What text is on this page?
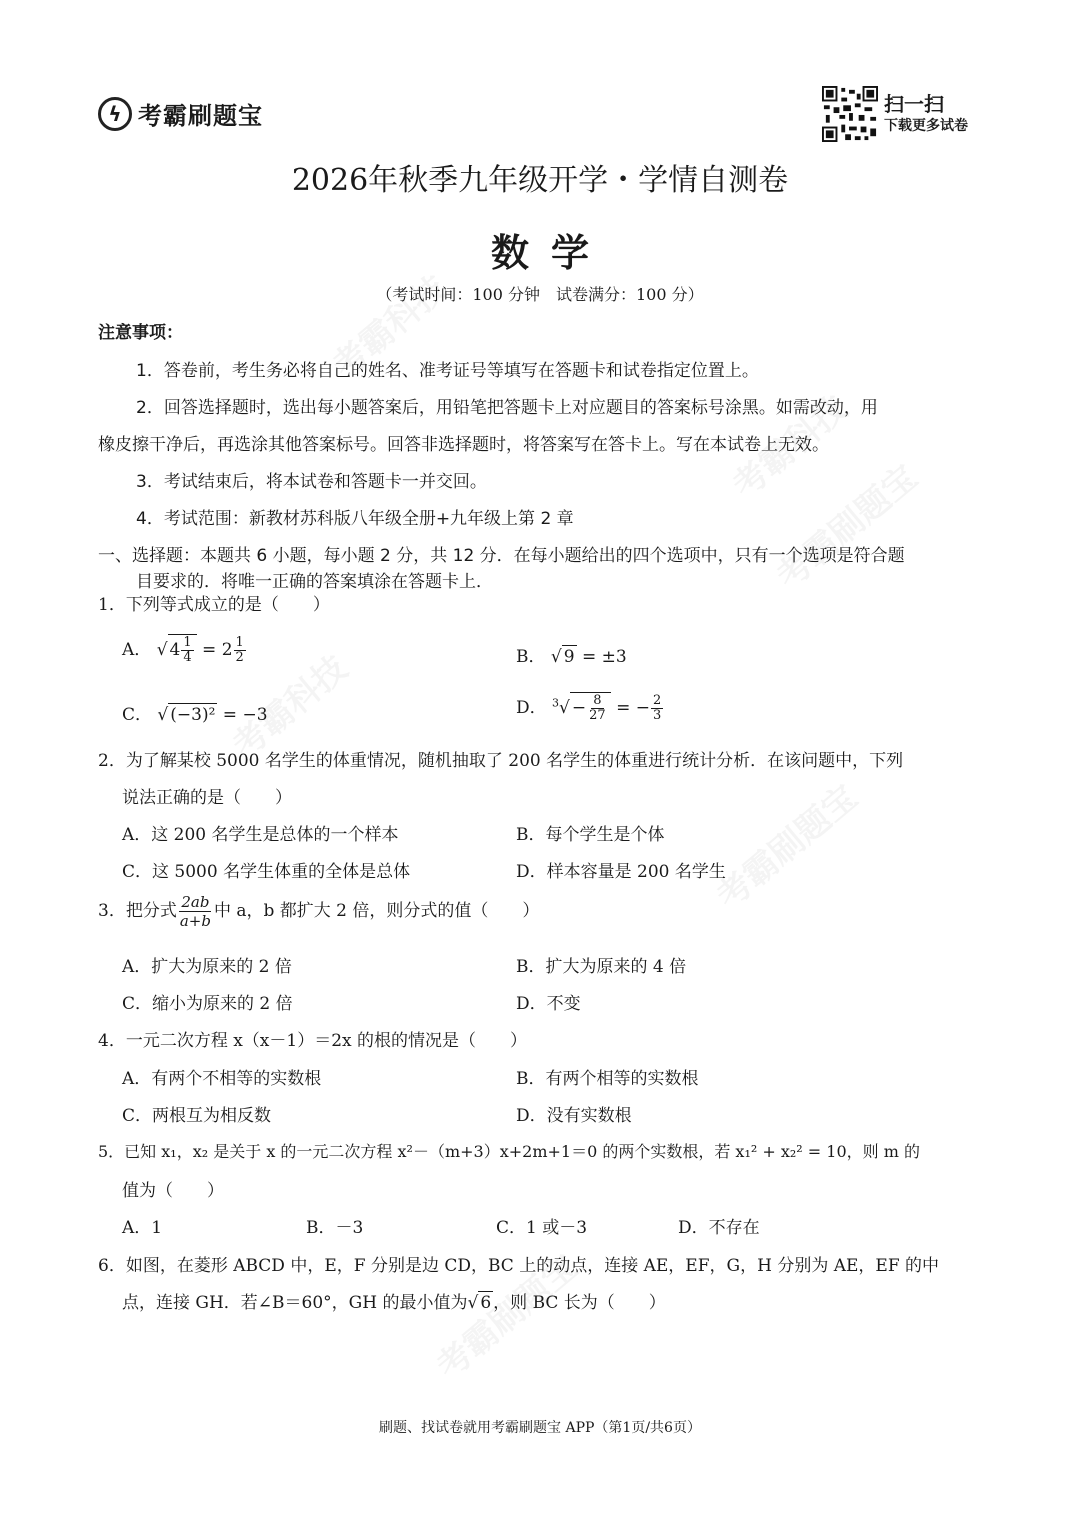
ϟ 考霸刷题宝	扫一扫
下载更多试卷
2026年秋季九年级开学・学情自测卷
数学
（考试时间：100 分钟　试卷满分：100 分）
注意事项：
1．答卷前，考生务必将自己的姓名、准考证号等填写在答题卡和试卷指定位置上。
2．回答选择题时，选出每小题答案后，用铅笔把答题卡上对应题目的答案标号涂黑。如需改动，用
橡皮擦干净后，再选涂其他答案标号。回答非选择题时，将答案写在答卡上。写在本试卷上无效。
3．考试结束后，将本试卷和答题卡一并交回。
4．考试范围：新教材苏科版八年级全册+九年级上第 2 章
一、选择题：本题共 6 小题，每小题 2 分，共 12 分．在每小题给出的四个选项中，只有一个选项是符合题
目要求的．将唯一正确的答案填涂在答题卡上．
1．下列等式成立的是（　　）
A． √ $4 \frac{1}{4} = 2 \frac{1}{2}$	B． √ 9 = ±3
C． √ (−3)² = −3	D． $^3√ - \frac{8}{27}$ = − $\frac{2}{3}$
2．为了解某校 5000 名学生的体重情况，随机抽取了 200 名学生的体重进行统计分析．在该问题中，下列
说法正确的是（　　）
A．这 200 名学生是总体的一个样本	B．每个学生是个体
C．这 5000 名学生体重的全体是总体	D．样本容量是 200 名学生
3．把分式 $\frac{2ab}{a+b}$ 中 a，b 都扩大 2 倍，则分式的值（　　）
A．扩大为原来的 2 倍	B．扩大为原来的 4 倍
C．缩小为原来的 2 倍	D．不变
4．一元二次方程 x（x－1）＝2x 的根的情况是（　　）
A．有两个不相等的实数根	B．有两个相等的实数根
C．两根互为相反数	D．没有实数根
5．已知 x₁，x₂ 是关于 x 的一元二次方程 x²－（m+3）x+2m+1＝0 的两个实数根，若 x₁² + x₂² = 10，则 m 的
值为（　　）
A．1	B．－3	C．1 或－3	D．不存在
6．如图，在菱形 ABCD 中，E，F 分别是边 CD，BC 上的动点，连接 AE，EF，G，H 分别为 AE，EF 的中
点，连接 GH．若∠B＝60°，GH 的最小值为√ 6 ，则 BC 长为（　　）
刷题、找试卷就用考霸刷题宝 APP（第1页/共6页）
